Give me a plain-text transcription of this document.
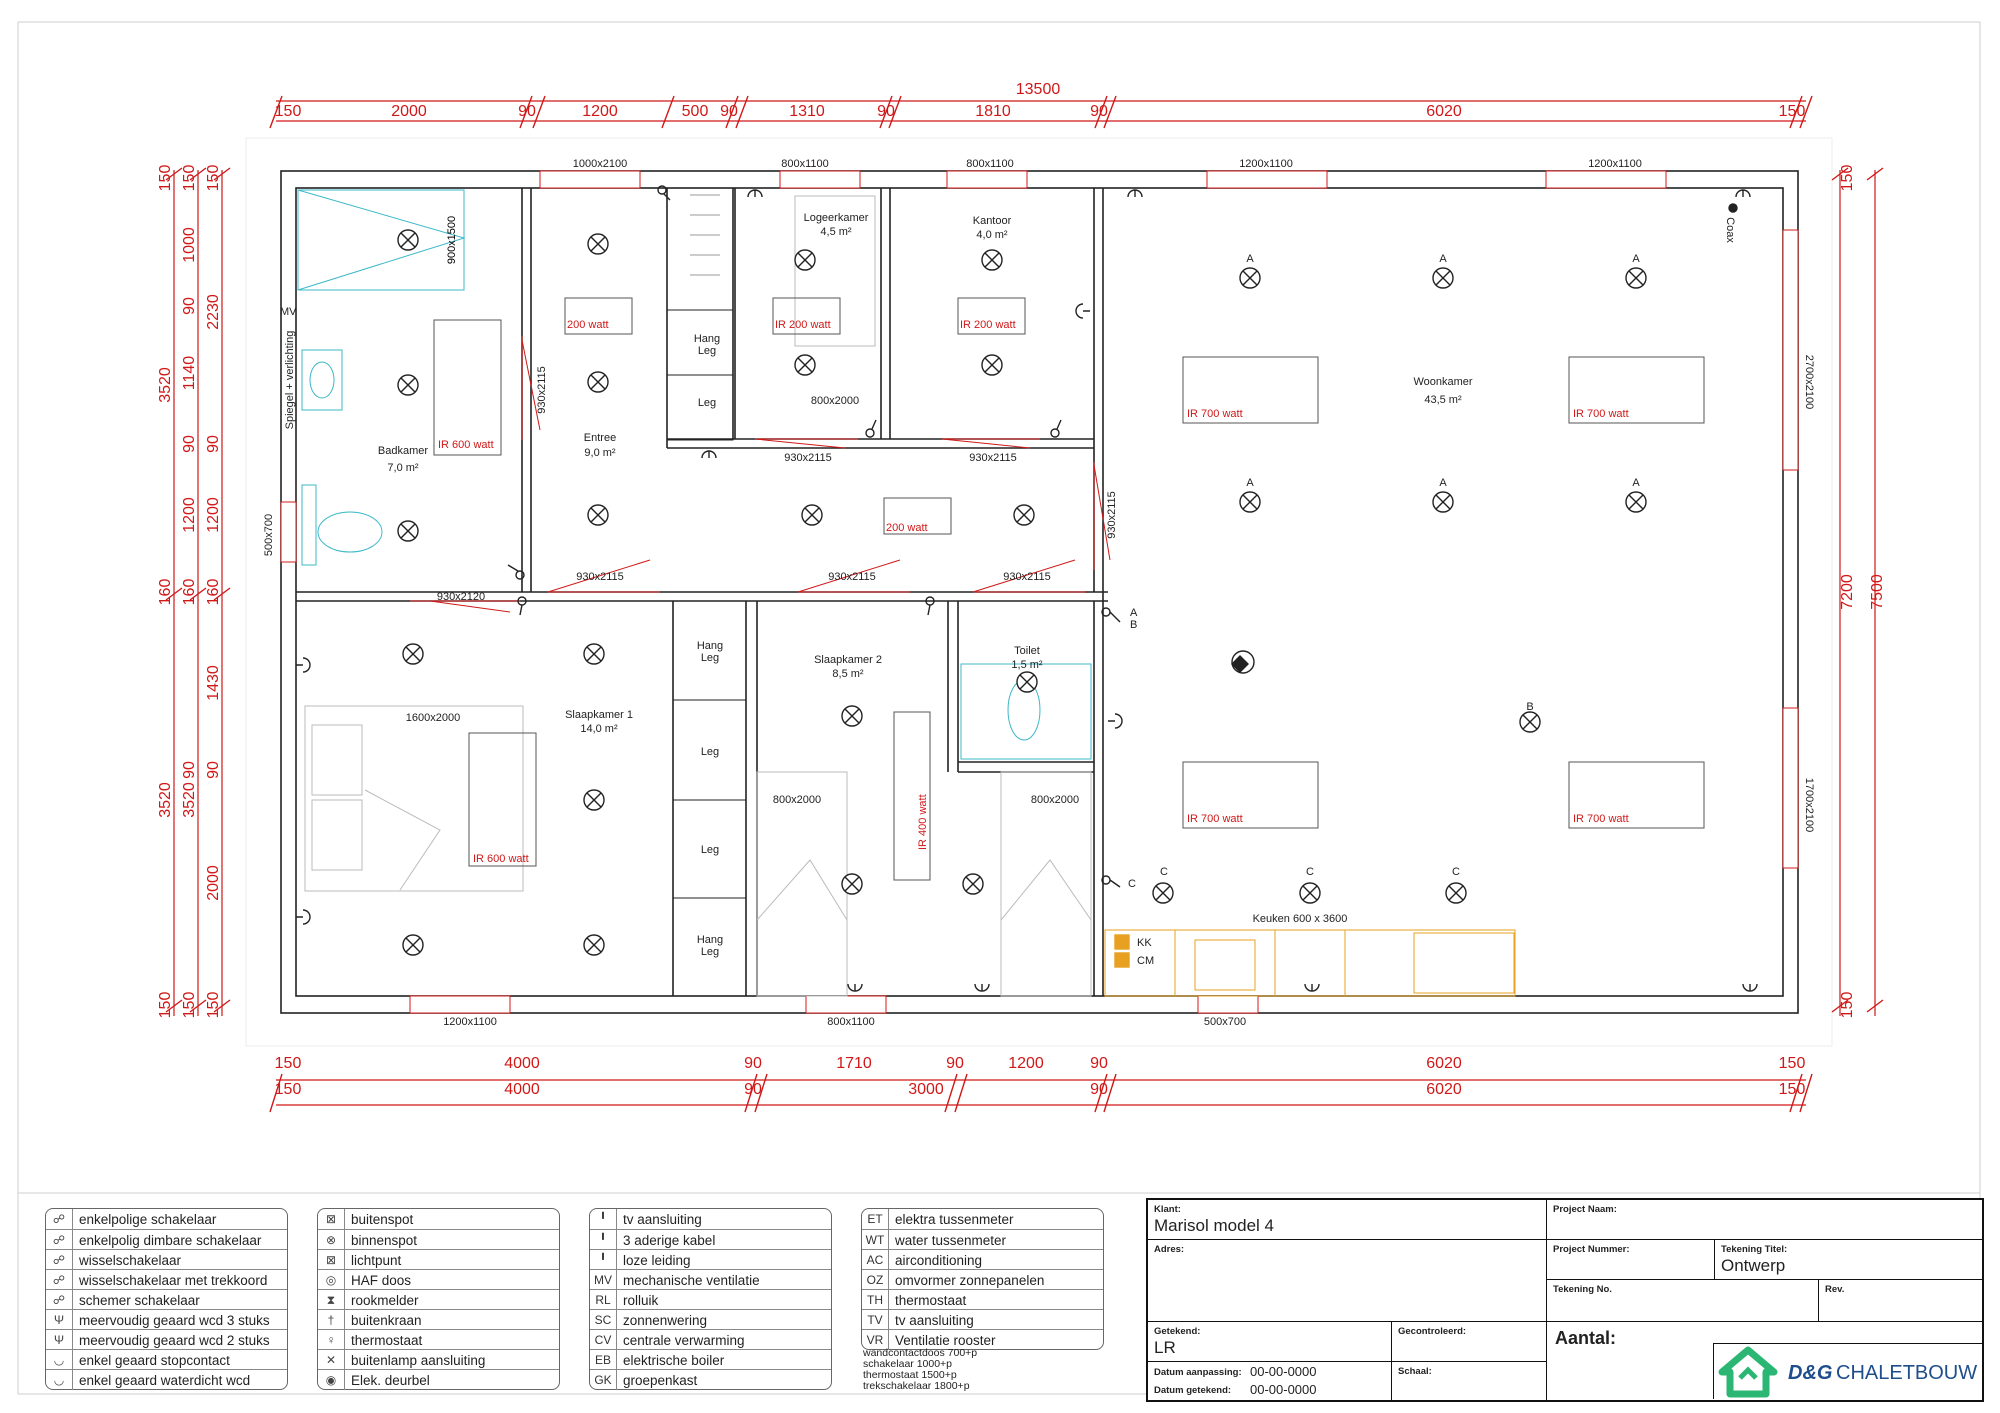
13500
150	2000	90	1200	500 90	1310	90	1810	90	6020	150
150	4000	90	1710	90	1200	90	6020	150
150	4000	90	3000	90	6020	150
150
3520
160
3520
150
150
1000
90
1140
90
1200
160
90
3520
150
150
2230
90
1200
160
1430
90
2000
150
150
7200
150
7500
1000x2100	800x1100	800x1100	1200x1100	1200x1100
1200x1100	800x1100
500x700
2700x2100
1700x2100
500x700
930x2115	930x2115	930x2115
930x2120
930x2115	930x2115
930x2115
930x2115
900x1500
1600x2000
800x2000
800x2000	800x2000
Keuken 600 x 3600
Hang
Leg
Leg
Hang
Leg
Leg
Leg
Hang
Leg
Badkamer
7,0 m²
Entree
9,0 m²
Logeerkamer
4,5 m²
Kantoor
4,0 m²
Woonkamer
43,5 m²
Slaapkamer 1
14,0 m²
Slaapkamer 2
8,5 m²
Toilet
1,5 m²
200 watt	IR 200 watt	IR 200 watt
IR 600 watt
200 watt
IR 700 watt	IR 700 watt
IR 700 watt	IR 700 watt
IR 600 watt
IR 400 watt
MV
Spiegel + verlichting
Coax
KK
CM
A	A	A
A	A	A
B
C	C	C
A
B
C
☍	enkelpolige schakelaar
☍	enkelpolig dimbare schakelaar
☍	wisselschakelaar
☍	wisselschakelaar met trekkoord
☍	schemer schakelaar
Ψ	meervoudig geaard wcd 3 stuks
Ψ	meervoudig geaard wcd 2 stuks
◡	enkel geaard stopcontact
◡	enkel geaard waterdicht wcd
⊠	buitenspot
⊗	binnenspot
⊠	lichtpunt
◎	HAF doos
⧗	rookmelder
†	buitenkraan
♀	thermostaat
✕	buitenlamp aansluiting
◉	Elek. deurbel
╹	tv aansluiting
╹	3 aderige kabel
╹	loze leiding
MV mechanische ventilatie
RL rolluik
SC zonnenwering
CV centrale verwarming
EB elektrische boiler
GK groepenkast
ET elektra tussenmeter
WT water tussenmeter
AC airconditioning
OZ omvormer zonnepanelen
TH thermostaat
TV tv aansluiting
VR Ventilatie rooster
wandcontactdoos 700+p
schakelaar 1000+p
thermostaat 1500+p
trekschakelaar 1800+p
Klant:
Marisol model 4
Project Naam:
Adres:	Project Nummer:	Tekening Titel:
Ontwerp
Tekening No.	Rev.
Getekend:
LR
Gecontroleerd:	Aantal:
Datum aanpassing: 00-00-0000
Datum getekend: 00-00-0000
Schaal:	D&G CHALETBOUW
